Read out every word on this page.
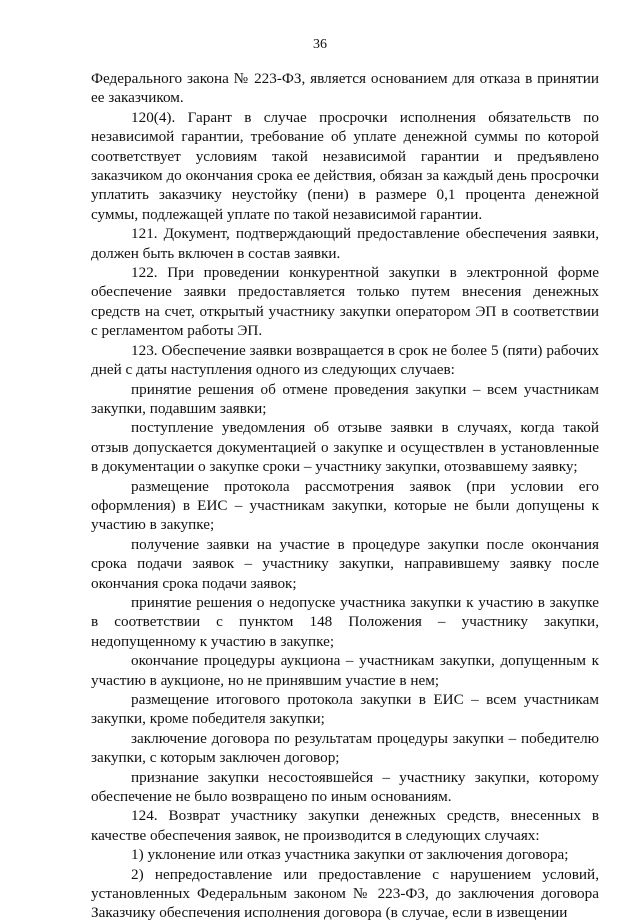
36

Федерального закона № 223-ФЗ, является основанием для отказа в принятии ее заказчиком.

120(4). Гарант в случае просрочки исполнения обязательств по независимой гарантии, требование об уплате денежной суммы по которой соответствует условиям такой независимой гарантии и предъявлено заказчиком до окончания срока ее действия, обязан за каждый день просрочки уплатить заказчику неустойку (пени) в размере 0,1 процента денежной суммы, подлежащей уплате по такой независимой гарантии.

121. Документ, подтверждающий предоставление обеспечения заявки, должен быть включен в состав заявки.

122. При проведении конкурентной закупки в электронной форме обеспечение заявки предоставляется только путем внесения денежных средств на счет, открытый участнику закупки оператором ЭП в соответствии с регламентом работы ЭП.

123. Обеспечение заявки возвращается в срок не более 5 (пяти) рабочих дней с даты наступления одного из следующих случаев:

принятие решения об отмене проведения закупки – всем участникам закупки, подавшим заявки;

поступление уведомления об отзыве заявки в случаях, когда такой отзыв допускается документацией о закупке и осуществлен в установленные в документации о закупке сроки – участнику закупки, отозвавшему заявку;

размещение протокола рассмотрения заявок (при условии его оформления) в ЕИС – участникам закупки, которые не были допущены к участию в закупке;

получение заявки на участие в процедуре закупки после окончания срока подачи заявок – участнику закупки, направившему заявку после окончания срока подачи заявок;

принятие решения о недопуске участника закупки к участию в закупке в соответствии с пунктом 148 Положения – участнику закупки, недопущенному к участию в закупке;

окончание процедуры аукциона – участникам закупки, допущенным к участию в аукционе, но не принявшим участие в нем;

размещение итогового протокола закупки в ЕИС – всем участникам закупки, кроме победителя закупки;

заключение договора по результатам процедуры закупки – победителю закупки, с которым заключен договор;

признание закупки несостоявшейся – участнику закупки, которому обеспечение не было возвращено по иным основаниям.

124. Возврат участнику закупки денежных средств, внесенных в качестве обеспечения заявок, не производится в следующих случаях:

1) уклонение или отказ участника закупки от заключения договора;

2) непредоставление или предоставление с нарушением условий, установленных Федеральным законом № 223-ФЗ, до заключения договора Заказчику обеспечения исполнения договора (в случае, если в извещении
